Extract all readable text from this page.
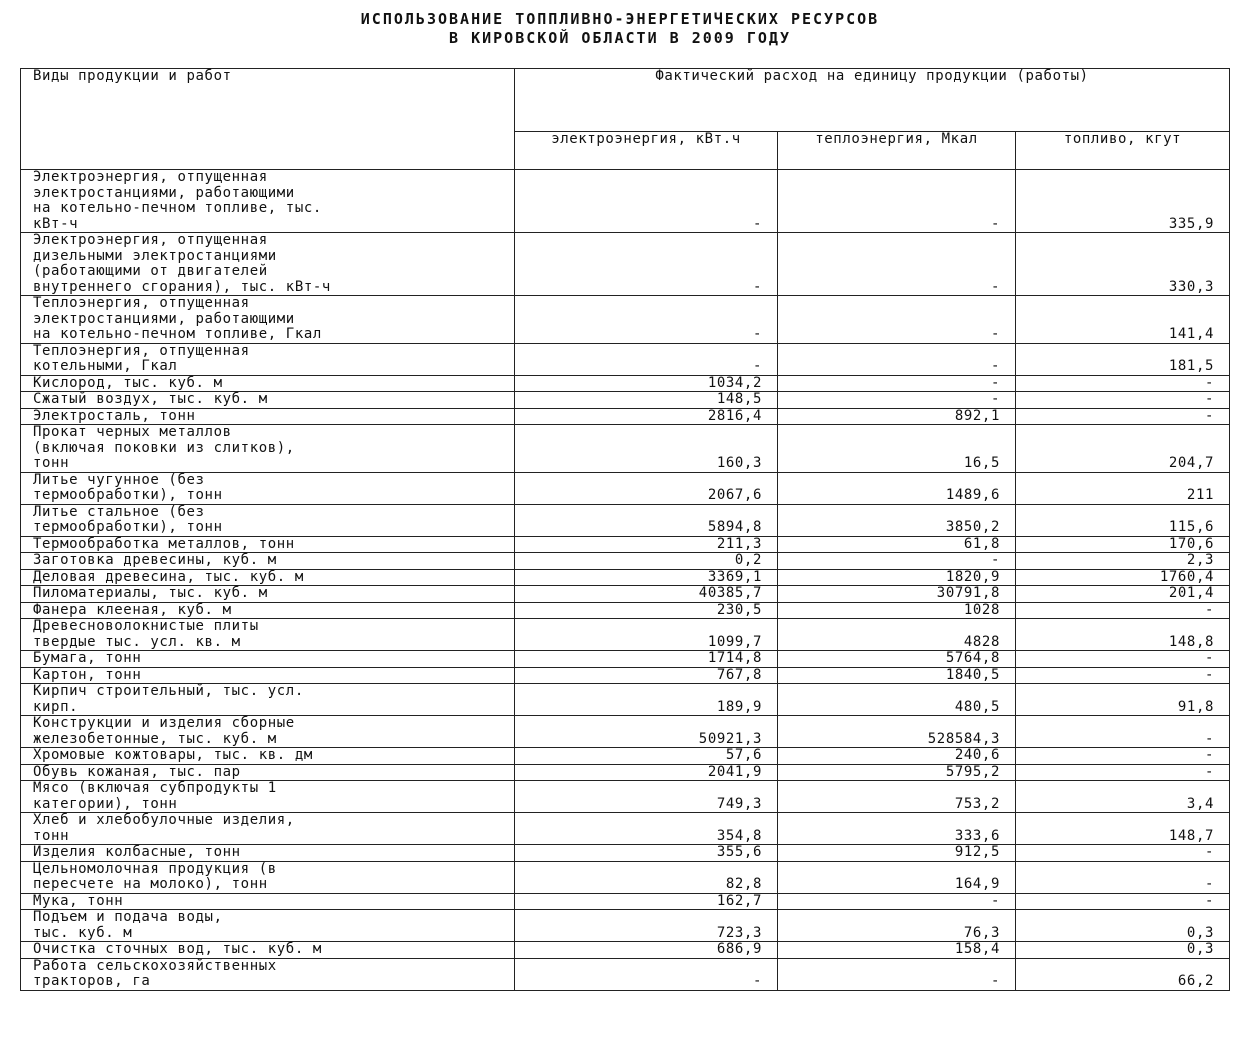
ИСПОЛЬЗОВАНИЕ ТОППЛИВНО-ЭНЕРГЕТИЧЕСКИХ РЕСУРСОВ
В КИРОВСКОЙ ОБЛАСТИ В 2009 ГОДУ
Виды продукции и работ	Фактический расход на единицу продукции (работы)		
	электроэнергия, кВт.ч	теплоэнергия, Мкал	топливо, кгут
Электроэнергия, отпущенная
электростанциями, работающими
на котельно-печном топливе, тыс.
кВт-ч	-	-	335,9
Электроэнергия, отпущенная
дизельными электростанциями
(работающими от двигателей
внутреннего сгорания), тыс. кВт-ч	-	-	330,3
Теплоэнергия, отпущенная
электростанциями, работающими
на котельно-печном топливе, Гкал	-	-	141,4
Теплоэнергия, отпущенная
котельными, Гкал	-	-	181,5
Кислород, тыс. куб. м	1034,2	-	-
Сжатый воздух, тыс. куб. м	148,5	-	-
Электросталь, тонн	2816,4	892,1	-
Прокат черных металлов
(включая поковки из слитков),
тонн	160,3	16,5	204,7
Литье чугунное (без
термообработки), тонн	2067,6	1489,6	211
Литье стальное (без
термообработки), тонн	5894,8	3850,2	115,6
Термообработка металлов, тонн	211,3	61,8	170,6
Заготовка древесины, куб. м	0,2	-	2,3
Деловая древесина, тыс. куб. м	3369,1	1820,9	1760,4
Пиломатериалы, тыс. куб. м	40385,7	30791,8	201,4
Фанера клееная, куб. м	230,5	1028	-
Древесноволокнистые плиты
твердые тыс. усл. кв. м	1099,7	4828	148,8
Бумага, тонн	1714,8	5764,8	-
Картон, тонн	767,8	1840,5	-
Кирпич строительный, тыс. усл.
кирп.	189,9	480,5	91,8
Конструкции и изделия сборные
железобетонные, тыс. куб. м	50921,3	528584,3	-
Хромовые кожтовары, тыс. кв. дм	57,6	240,6	-
Обувь кожаная, тыс. пар	2041,9	5795,2	-
Мясо (включая субпродукты 1
категории), тонн	749,3	753,2	3,4
Хлеб и хлебобулочные изделия,
тонн	354,8	333,6	148,7
Изделия колбасные, тонн	355,6	912,5	-
Цельномолочная продукция (в
пересчете на молоко), тонн	82,8	164,9	-
Мука, тонн	162,7	-	-
Подъем и подача воды,
тыс. куб. м	723,3	76,3	0,3
Очистка сточных вод, тыс. куб. м	686,9	158,4	0,3
Работа сельскохозяйственных
тракторов, га	-	-	66,2
